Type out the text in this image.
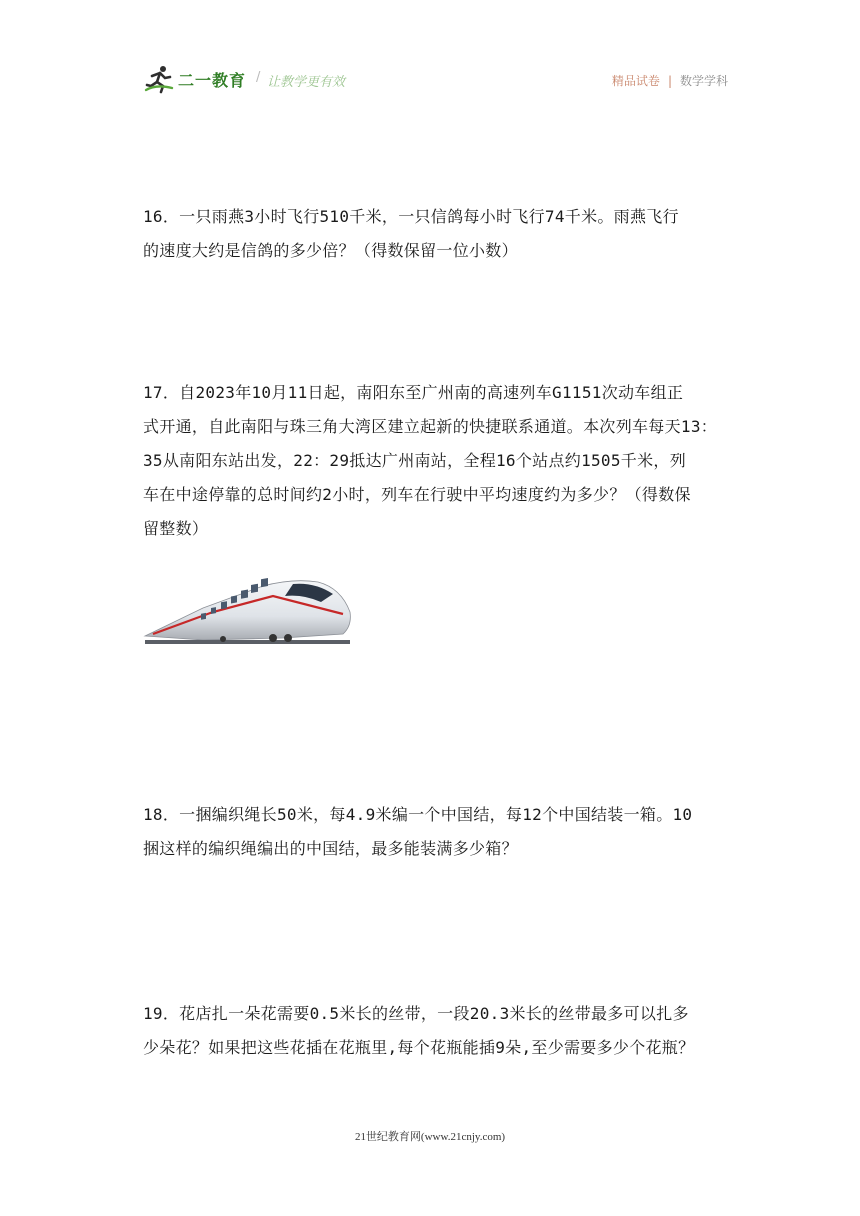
二一教育 / 让教学更有效	精品试卷 | 数学学科

16．一只雨燕3小时飞行510千米，一只信鸽每小时飞行74千米。雨燕飞行

的速度大约是信鸽的多少倍？（得数保留一位小数）

17．自2023年10月11日起，南阳东至广州南的高速列车G1151次动车组正

式开通，自此南阳与珠三角大湾区建立起新的快捷联系通道。本次列车每天13：

35从南阳东站出发，22：29抵达广州南站，全程16个站点约1505千米，列

车在中途停靠的总时间约2小时，列车在行驶中平均速度约为多少？（得数保

留整数）

18．一捆编织绳长50米，每4.9米编一个中国结，每12个中国结装一箱。10

捆这样的编织绳编出的中国结，最多能装满多少箱？

19．花店扎一朵花需要0.5米长的丝带，一段20.3米长的丝带最多可以扎多

少朵花？如果把这些花插在花瓶里,每个花瓶能插9朵,至少需要多少个花瓶？

21世纪教育网(www.21cnjy.com)
